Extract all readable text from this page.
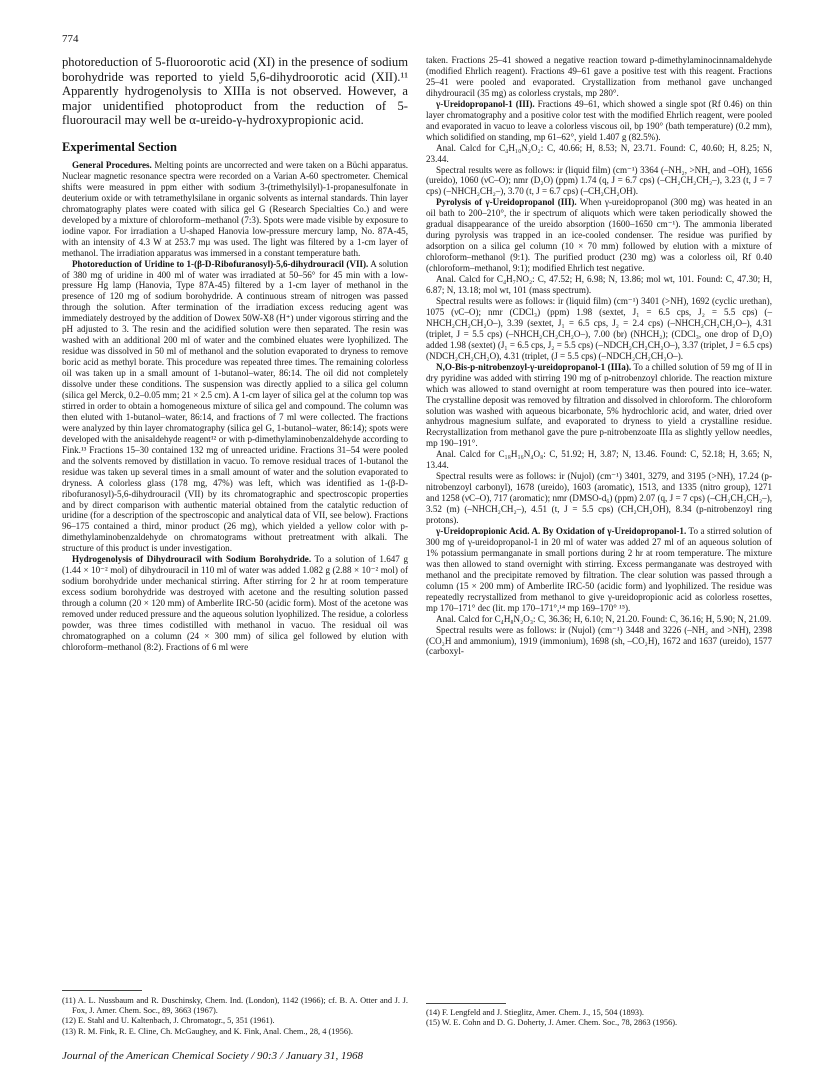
774

photoreduction of 5-fluoroorotic acid (XI) in the presence of sodium borohydride was reported to yield 5,6-dihydroorotic acid (XII).¹¹ Apparently hydrogenolysis to XIIIa is not observed. However, a major unidentified photoproduct from the reduction of 5-fluorouracil may well be α-ureido-γ-hydroxypropionic acid.

Experimental Section

General Procedures. Melting points are uncorrected and were taken on a Büchi apparatus. Nuclear magnetic resonance spectra were recorded on a Varian A-60 spectrometer. Chemical shifts were measured in ppm either with sodium 3-(trimethylsilyl)-1-propanesulfonate in deuterium oxide or with tetramethylsilane in organic solvents as internal standards. Thin layer chromatography plates were coated with silica gel G (Research Specialties Co.) and were developed by a mixture of chloroform–methanol (7:3). Spots were made visible by exposure to iodine vapor. For irradiation a U-shaped Hanovia low-pressure mercury lamp, No. 87A-45, with an intensity of 4.3 W at 253.7 mμ was used. The light was filtered by a 1-cm layer of methanol. The irradiation apparatus was immersed in a constant temperature bath.

Photoreduction of Uridine to 1-(β-D-Ribofuranosyl)-5,6-dihydrouracil (VII). A solution of 380 mg of uridine in 400 ml of water was irradiated at 50–56° for 45 min with a low-pressure Hg lamp (Hanovia, Type 87A-45) filtered by a 1-cm layer of methanol in the presence of 120 mg of sodium borohydride. A continuous stream of nitrogen was passed through the solution. After termination of the irradiation excess reducing agent was immediately destroyed by the addition of Dowex 50W-X8 (H⁺) under vigorous stirring and the pH adjusted to 3. The resin and the acidified solution were then separated. The resin was washed with an additional 200 ml of water and the combined eluates were lyophilized. The residue was dissolved in 50 ml of methanol and the solution evaporated to dryness to remove boric acid as methyl borate. This procedure was repeated three times. The remaining colorless oil was taken up in a small amount of 1-butanol–water, 86:14. The oil did not completely dissolve under these conditions. The suspension was directly applied to a silica gel column (silica gel Merck, 0.2–0.05 mm; 21 × 2.5 cm). A 1-cm layer of silica gel at the column top was stirred in order to obtain a homogeneous mixture of silica gel and compound. The column was then eluted with 1-butanol–water, 86:14, and fractions of 7 ml were collected. The fractions were analyzed by thin layer chromatography (silica gel G, 1-butanol–water, 86:14); spots were developed with the anisaldehyde reagent¹² or with p-dimethylaminobenzaldehyde according to Fink.¹³ Fractions 15–30 contained 132 mg of unreacted uridine. Fractions 31–54 were pooled and the solvents removed by distillation in vacuo. To remove residual traces of 1-butanol the residue was taken up several times in a small amount of water and the solution evaporated to dryness. A colorless glass (178 mg, 47%) was left, which was identified as 1-(β-D-ribofuranosyl)-5,6-dihydrouracil (VII) by its chromatographic and spectroscopic properties and by direct comparison with authentic material obtained from the catalytic reduction of uridine (for a description of the spectroscopic and analytical data of VII, see below). Fractions 96–175 contained a third, minor product (26 mg), which yielded a yellow color with p-dimethylaminobenzaldehyde on chromatograms without pretreatment with alkali. The structure of this product is under investigation.

Hydrogenolysis of Dihydrouracil with Sodium Borohydride. To a solution of 1.647 g (1.44 × 10⁻² mol) of dihydrouracil in 110 ml of water was added 1.082 g (2.88 × 10⁻² mol) of sodium borohydride under mechanical stirring. After stirring for 2 hr at room temperature excess sodium borohydride was destroyed with acetone and the resulting solution passed through a column (20 × 120 mm) of Amberlite IRC-50 (acidic form). Most of the acetone was removed under reduced pressure and the aqueous solution lyophilized. The residue, a colorless powder, was three times codistilled with methanol in vacuo. The residual oil was chromatographed on a column (24 × 300 mm) of silica gel followed by elution with chloroform–methanol (8:2). Fractions of 6 ml were

taken. Fractions 25–41 showed a negative reaction toward p-dimethylaminocinnamaldehyde (modified Ehrlich reagent). Fractions 49–61 gave a positive test with this reagent. Fractions 25–41 were pooled and evaporated. Crystallization from methanol gave unchanged dihydrouracil (35 mg) as colorless crystals, mp 280°.

γ-Ureidopropanol-1 (III). Fractions 49–61, which showed a single spot (Rf 0.46) on thin layer chromatography and a positive color test with the modified Ehrlich reagent, were pooled and evaporated in vacuo to leave a colorless viscous oil, bp 190° (bath temperature) (0.2 mm), which solidified on standing, mp 61–62°, yield 1.407 g (82.5%).

Anal. Calcd for C₄H₁₀N₂O₂: C, 40.66; H, 8.53; N, 23.71. Found: C, 40.60; H, 8.25; N, 23.44.

Spectral results were as follows: ir (liquid film) (cm⁻¹) 3364 (–NH₂, >NH, and –OH), 1656 (ureido), 1060 (νC–O); nmr (D₂O) (ppm) 1.74 (q, J = 6.7 cps) (–CH₂CH₂CH₂–), 3.23 (t, J = 7 cps) (–NHCH₂CH₂–), 3.70 (t, J = 6.7 cps) (–CH₂CH₂OH).

Pyrolysis of γ-Ureidopropanol (III). When γ-ureidopropanol (300 mg) was heated in an oil bath to 200–210°, the ir spectrum of aliquots which were taken periodically showed the gradual disappearance of the ureido absorption (1600–1650 cm⁻¹). The ammonia liberated during pyrolysis was trapped in an ice-cooled condenser. The residue was purified by adsorption on a silica gel column (10 × 70 mm) followed by elution with a mixture of chloroform–methanol (9:1). The purified product (230 mg) was a colorless oil, Rf 0.40 (chloroform–methanol, 9:1); modified Ehrlich test negative.

Anal. Calcd for C₄H₇NO₂: C, 47.52; H, 6.98; N, 13.86; mol wt, 101. Found: C, 47.30; H, 6.87; N, 13.18; mol wt, 101 (mass spectrum).

Spectral results were as follows: ir (liquid film) (cm⁻¹) 3401 (>NH), 1692 (cyclic urethan), 1075 (νC–O); nmr (CDCl₃) (ppm) 1.98 (sextet, J₁ = 6.5 cps, J₂ = 5.5 cps) (–NHCH₂CH₂CH₂O–), 3.39 (sextet, J₁ = 6.5 cps, J₂ = 2.4 cps) (–NHCH₂CH₂CH₂O–), 4.31 (triplet, J = 5.5 cps) (–NHCH₂CH₂CH₂O–), 7.00 (br) (NHCH₂); (CDCl₃, one drop of D₂O) added 1.98 (sextet) (J₁ = 6.5 cps, J₂ = 5.5 cps) (–NDCH₂CH₂CH₂O–), 3.37 (triplet, J = 6.5 cps) (NDCH₂CH₂CH₂O), 4.31 (triplet, (J = 5.5 cps) (–NDCH₂CH₂CH₂O–).

N,O-Bis-p-nitrobenzoyl-γ-ureidopropanol-1 (IIIa). To a chilled solution of 59 mg of II in dry pyridine was added with stirring 190 mg of p-nitrobenzoyl chloride. The reaction mixture which was allowed to stand overnight at room temperature was then poured into ice–water. The crystalline deposit was removed by filtration and dissolved in chloroform. The chloroform solution was washed with aqueous bicarbonate, 5% hydrochloric acid, and water, dried over anhydrous magnesium sulfate, and evaporated to dryness to yield a crystalline residue. Recrystallization from methanol gave the pure p-nitrobenzoate IIIa as slightly yellow needles, mp 190–191°.

Anal. Calcd for C₁₈H₁₆N₄O₈: C, 51.92; H, 3.87; N, 13.46. Found: C, 52.18; H, 3.65; N, 13.44.

Spectral results were as follows: ir (Nujol) (cm⁻¹) 3401, 3279, and 3195 (>NH), 17.24 (p-nitrobenzoyl carbonyl), 1678 (ureido), 1603 (aromatic), 1513, and 1335 (nitro group), 1271 and 1258 (νC–O), 717 (aromatic); nmr (DMSO-d₆) (ppm) 2.07 (q, J = 7 cps) (–CH₂CH₂CH₂–), 3.52 (m) (–NHCH₂CH₂–), 4.51 (t, J = 5.5 cps) (CH₂CH₂OH), 8.34 (p-nitrobenzoyl ring protons).

γ-Ureidopropionic Acid. A. By Oxidation of γ-Ureidopropanol-1. To a stirred solution of 300 mg of γ-ureidopropanol-1 in 20 ml of water was added 27 ml of an aqueous solution of 1% potassium permanganate in small portions during 2 hr at room temperature. The mixture was then allowed to stand overnight with stirring. Excess permanganate was destroyed with methanol and the precipitate removed by filtration. The clear solution was passed through a column (15 × 200 mm) of Amberlite IRC-50 (acidic form) and lyophilized. The residue was repeatedly recrystallized from methanol to give γ-ureidopropionic acid as colorless rosettes, mp 170–171° dec (lit. mp 170–171°,¹⁴ mp 169–170° ¹⁵).

Anal. Calcd for C₄H₈N₂O₃: C, 36.36; H, 6.10; N, 21.20. Found: C, 36.16; H, 5.90; N, 21.09.

Spectral results were as follows: ir (Nujol) (cm⁻¹) 3448 and 3226 (–NH₂ and >NH), 2398 (CO₂H and ammonium), 1919 (immonium), 1698 (sh, –CO₂H), 1672 and 1637 (ureido), 1577 (carboxyl-

(11) A. L. Nussbaum and R. Duschinsky, Chem. Ind. (London), 1142 (1966); cf. B. A. Otter and J. J. Fox, J. Amer. Chem. Soc., 89, 3663 (1967).
(12) E. Stahl and U. Kaltenbach, J. Chromatogr., 5, 351 (1961).
(13) R. M. Fink, R. E. Cline, Ch. McGaughey, and K. Fink, Anal. Chem., 28, 4 (1956).
(14) F. Lengfeld and J. Stieglitz, Amer. Chem. J., 15, 504 (1893).
(15) W. E. Cohn and D. G. Doherty, J. Amer. Chem. Soc., 78, 2863 (1956).
Journal of the American Chemical Society / 90:3 / January 31, 1968
